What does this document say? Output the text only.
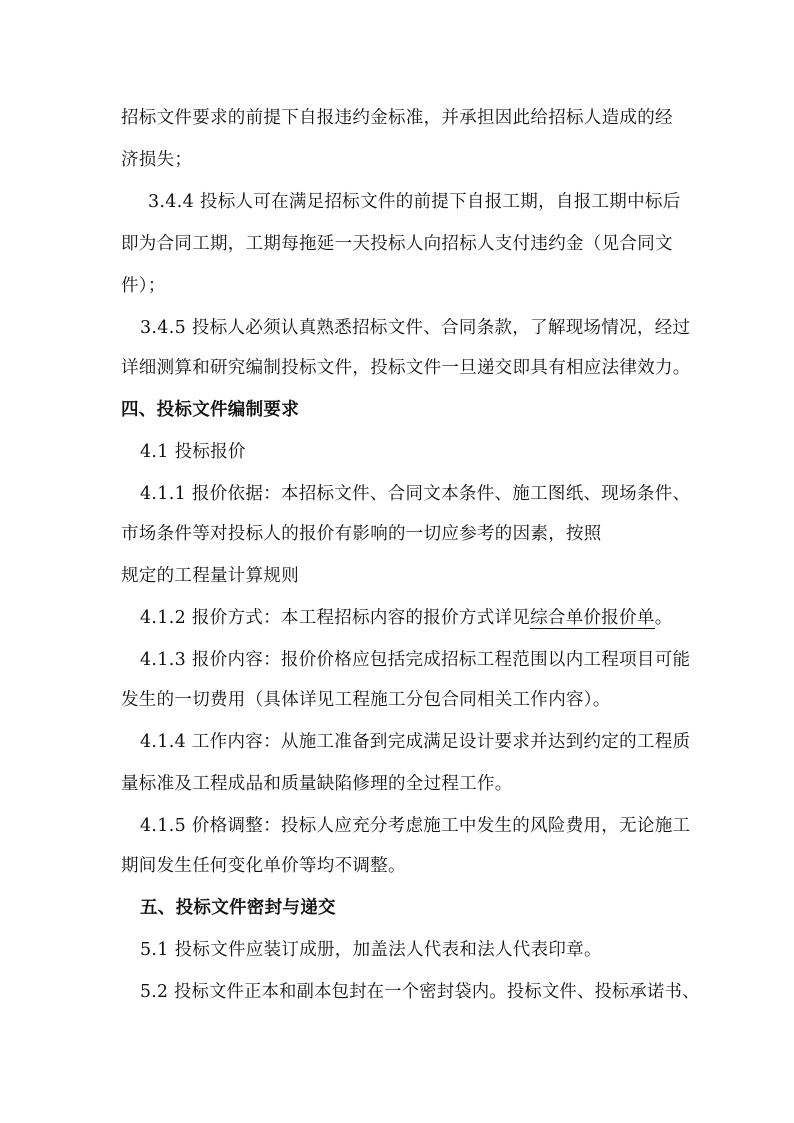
招标文件要求的前提下自报违约金标准，并承担因此给招标人造成的经
济损失；
3.4.4 投标人可在满足招标文件的前提下自报工期，自报工期中标后
即为合同工期，工期每拖延一天投标人向招标人支付违约金（见合同文
件）；
3.4.5 投标人必须认真熟悉招标文件、合同条款，了解现场情况，经过
详细测算和研究编制投标文件，投标文件一旦递交即具有相应法律效力。
四、投标文件编制要求
4.1 投标报价
4.1.1 报价依据：本招标文件、合同文本条件、施工图纸、现场条件、
市场条件等对投标人的报价有影响的一切应参考的因素，按照
规定的工程量计算规则
4.1.2 报价方式：本工程招标内容的报价方式详见综合单价报价单。
4.1.3 报价内容：报价价格应包括完成招标工程范围以内工程项目可能
发生的一切费用（具体详见工程施工分包合同相关工作内容）。
4.1.4 工作内容：从施工准备到完成满足设计要求并达到约定的工程质
量标准及工程成品和质量缺陷修理的全过程工作。
4.1.5 价格调整：投标人应充分考虑施工中发生的风险费用，无论施工
期间发生任何变化单价等均不调整。
五、投标文件密封与递交
5.1 投标文件应装订成册，加盖法人代表和法人代表印章。
5.2 投标文件正本和副本包封在一个密封袋内。投标文件、投标承诺书、
